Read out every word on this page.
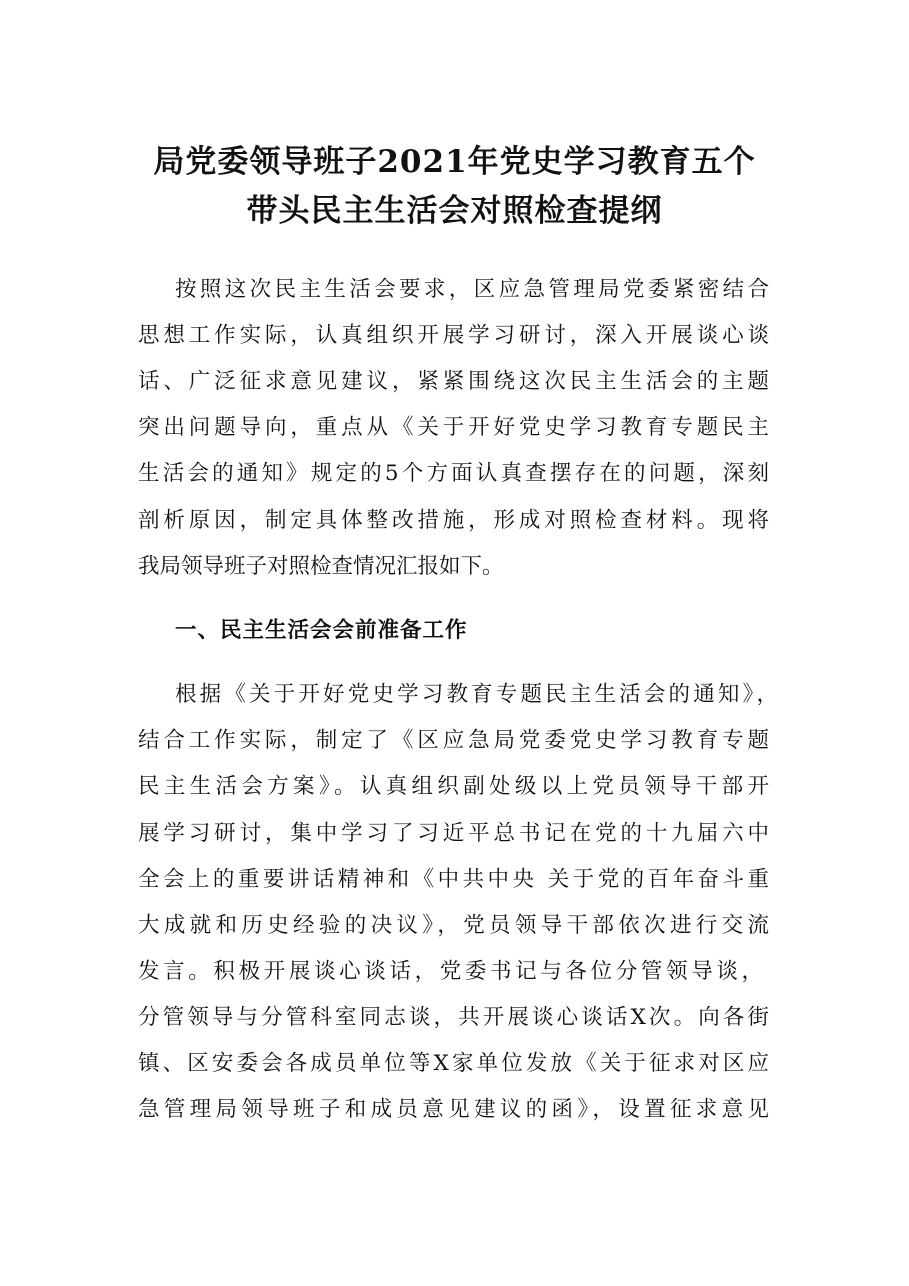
局党委领导班子2021年党史学习教育五个
带头民主生活会对照检查提纲
按照这次民主生活会要求，区应急管理局党委紧密结合
思想工作实际，认真组织开展学习研讨，深入开展谈心谈
话、广泛征求意见建议，紧紧围绕这次民主生活会的主题
突出问题导向，重点从《关于开好党史学习教育专题民主
生活会的通知》规定的5个方面认真查摆存在的问题，深刻
剖析原因，制定具体整改措施，形成对照检查材料。现将
我局领导班子对照检查情况汇报如下。
一、民主生活会会前准备工作
根据《关于开好党史学习教育专题民主生活会的通知》，
结合工作实际，制定了《区应急局党委党史学习教育专题
民主生活会方案》。认真组织副处级以上党员领导干部开
展学习研讨，集中学习了习近平总书记在党的十九届六中
全会上的重要讲话精神和《中共中央 关于党的百年奋斗重
大成就和历史经验的决议》，党员领导干部依次进行交流
发言。积极开展谈心谈话，党委书记与各位分管领导谈，
分管领导与分管科室同志谈，共开展谈心谈话X次。向各街
镇、区安委会各成员单位等X家单位发放《关于征求对区应
急管理局领导班子和成员意见建议的函》，设置征求意见
